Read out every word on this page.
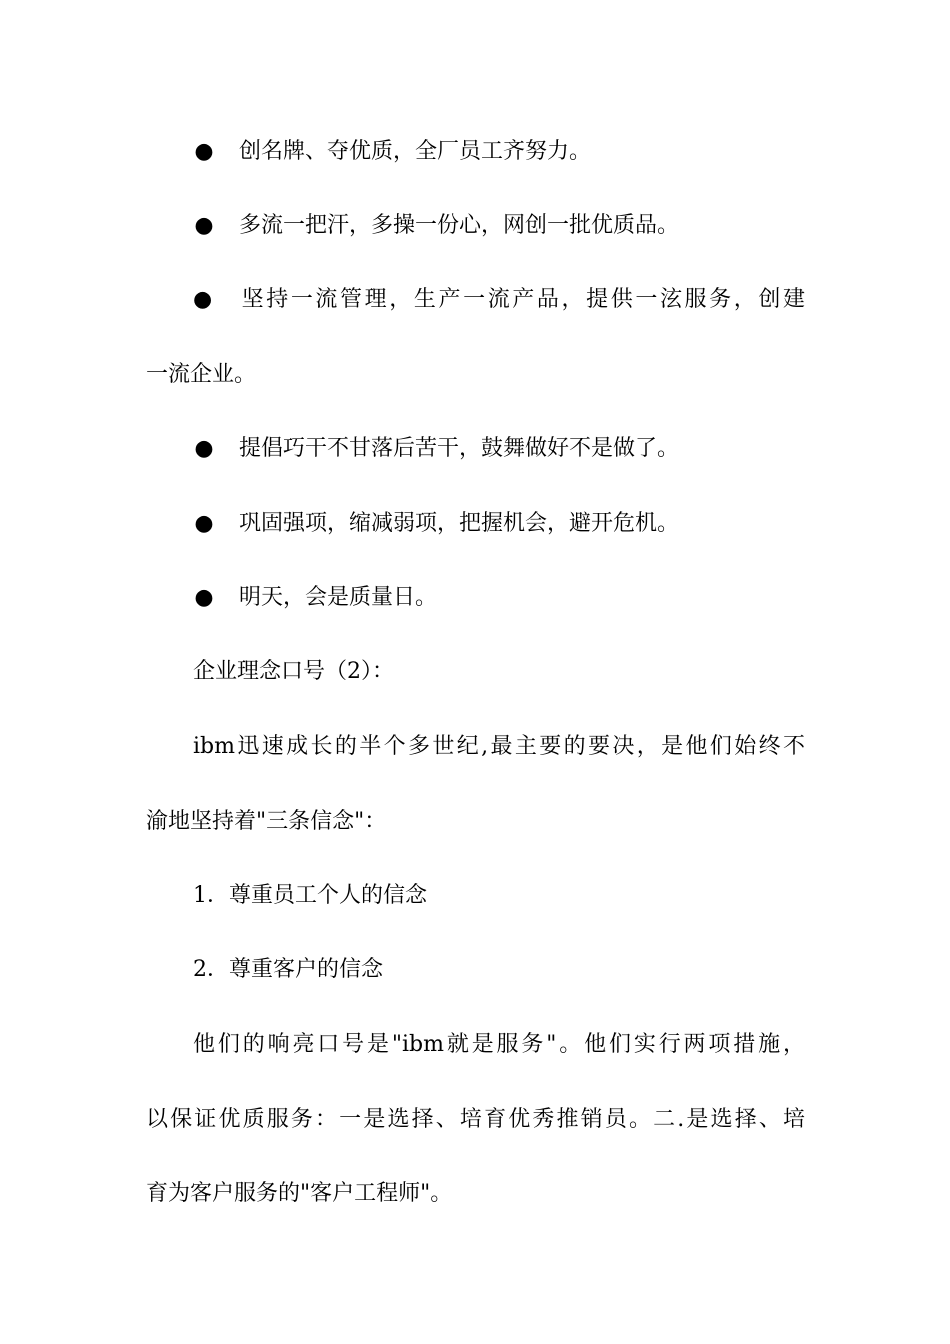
● 创名牌、夺优质，全厂员工齐努力。
● 多流一把汗，多操一份心，网创一批优质品。
● 坚持一流管理，生产一流产品，提供一泫服务，创建
一流企业。
● 提倡巧干不甘落后苦干，鼓舞做好不是做了。
● 巩固强项，缩减弱项，把握机会，避开危机。
● 明天，会是质量日。
企业理念口号（2）：
ibm迅速成长的半个多世纪,最主要的要决，是他们始终不
渝地坚持着"三条信念"：
1．尊重员工个人的信念
2．尊重客户的信念
他们的响亮口号是"ibm就是服务"。他们实行两项措施，
以保证优质服务：一是选择、培育优秀推销员。二.是选择、培
育为客户服务的"客户工程师"。
